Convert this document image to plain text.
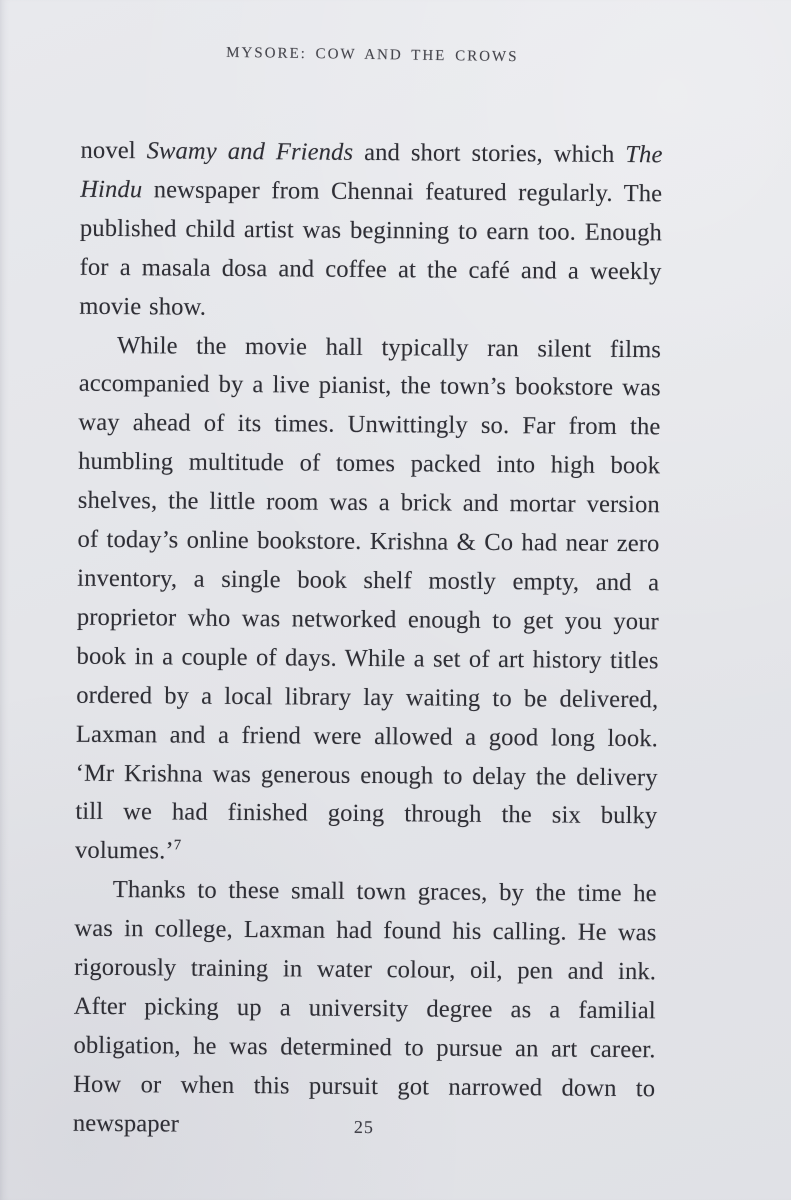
MYSORE: COW AND THE CROWS

novel Swamy and Friends and short stories, which The Hindu newspaper from Chennai featured regularly. The published child artist was beginning to earn too. Enough for a masala dosa and coffee at the café and a weekly movie show.

While the movie hall typically ran silent films accompanied by a live pianist, the town’s bookstore was way ahead of its times. Unwittingly so. Far from the humbling multitude of tomes packed into high book shelves, the little room was a brick and mortar version of today’s online bookstore. Krishna & Co had near zero inventory, a single book shelf mostly empty, and a proprietor who was networked enough to get you your book in a couple of days. While a set of art history titles ordered by a local library lay waiting to be delivered, Laxman and a friend were allowed a good long look. ‘Mr Krishna was generous enough to delay the delivery till we had finished going through the six bulky volumes.’$^7$

Thanks to these small town graces, by the time he was in college, Laxman had found his calling. He was rigorously training in water colour, oil, pen and ink. After picking up a university degree as a familial obligation, he was determined to pursue an art career. How or when this pursuit got narrowed down to newspaper	25
